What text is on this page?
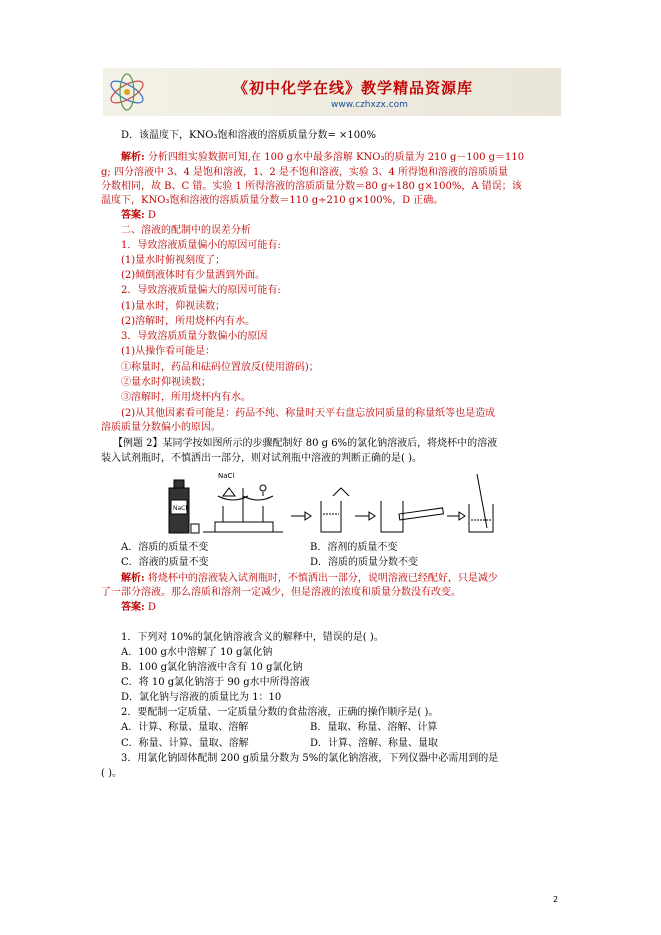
《初中化学在线》教学精品资源库
www.czhxzx.com
D．该温度下，KNO₃饱和溶液的溶质质量分数= ×100%
解析: 分析四组实验数据可知,在 100 g水中最多溶解 KNO₃的质量为 210 g－100 g＝110
g; 四分溶液中 3、4 是饱和溶液，1、2 是不饱和溶液，实验 3、4 所得饱和溶液的溶质质量
分数相同，故 B、C 错。实验 1 所得溶液的溶质质量分数＝80 g÷180 g×100%，A 错误；该
温度下，KNO₃饱和溶液的溶质质量分数＝110 g÷210 g×100%，D 正确。
答案: D
二、溶液的配制中的误差分析
1．导致溶液质量偏小的原因可能有:
(1)量水时俯视刻度了；
(2)倾倒液体时有少量洒到外面。
2．导致溶液质量偏大的原因可能有:
(1)量水时，仰视读数；
(2)溶解时，所用烧杯内有水。
3．导致溶质质量分数偏小的原因
(1)从操作看可能是：
①称量时，药品和砝码位置放反(使用游码)；
②量水时仰视读数；
③溶解时，所用烧杯内有水。
(2)从其他因素看可能是：药品不纯、称量时天平右盘忘放同质量的称量纸等也是造成
溶质质量分数偏小的原因。
【例题 2】某同学按如图所示的步骤配制好 80 g 6%的氯化钠溶液后，将烧杯中的溶液
装入试剂瓶时，不慎洒出一部分，则对试剂瓶中溶液的判断正确的是( )。
NaCl
NaCl
A．溶质的质量不变	B．溶剂的质量不变
C．溶液的质量不变	D．溶质的质量分数不变
解析: 将烧杯中的溶液装入试剂瓶时，不慎洒出一部分，说明溶液已经配好，只是减少
了一部分溶液。那么溶质和溶剂一定减少，但是溶液的浓度和质量分数没有改变。
答案: D
1．下列对 10%的氯化钠溶液含义的解释中，错误的是( )。
A．100 g水中溶解了 10 g氯化钠
B．100 g氯化钠溶液中含有 10 g氯化钠
C．将 10 g氯化钠溶于 90 g水中所得溶液
D．氯化钠与溶液的质量比为 1：10
2．要配制一定质量、一定质量分数的食盐溶液，正确的操作顺序是( )。
A．计算、称量、量取、溶解	B．量取、称量、溶解、计算
C．称量、计算、量取、溶解	D．计算、溶解、称量、量取
3．用氯化钠固体配制 200 g质量分数为 5%的氯化钠溶液，下列仪器中必需用到的是
( )。
2
